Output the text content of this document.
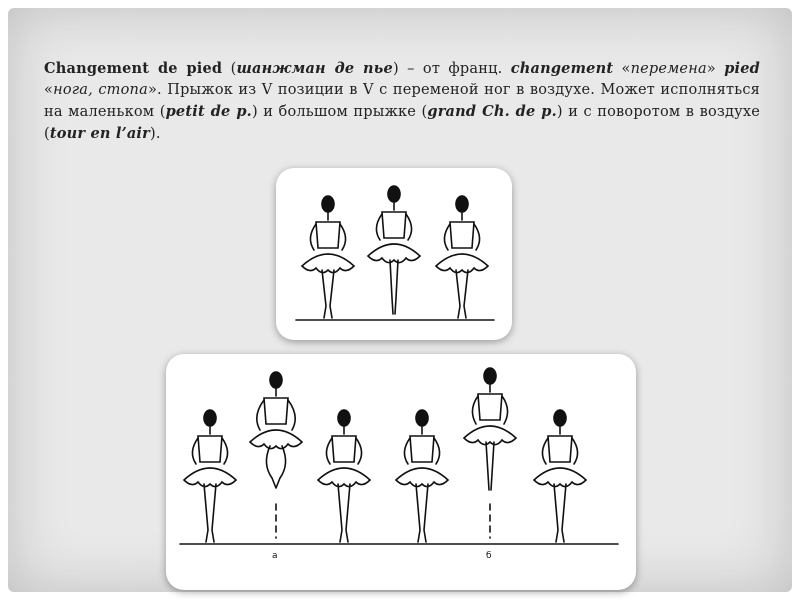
Changement de pied (шанжман де пье) – от франц. changement «перемена» pied «нога, стопа». Прыжок из V позиции в V с переменой ног в воздухе. Может исполняться на маленьком (petit de p.) и большом прыжке (grand Ch. de p.) и с поворотом в воздухе (tour en l’air).
а	б
